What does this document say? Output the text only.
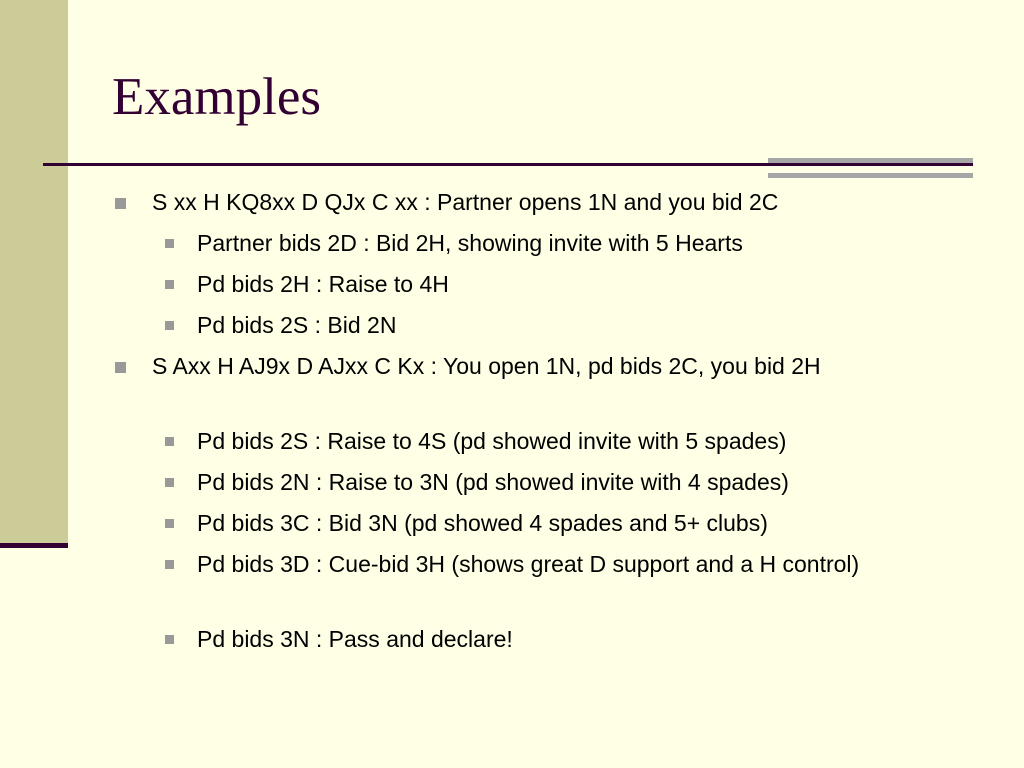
Examples
S xx H KQ8xx D QJx C xx : Partner opens 1N and you bid 2C
Partner bids 2D : Bid 2H, showing invite with 5 Hearts
Pd bids 2H : Raise to 4H
Pd bids 2S : Bid 2N
S Axx H AJ9x D AJxx C Kx : You open 1N, pd bids 2C, you bid 2H
Pd bids 2S : Raise to 4S (pd showed invite with 5 spades)
Pd bids 2N : Raise to 3N (pd showed invite with 4 spades)
Pd bids 3C : Bid 3N (pd showed 4 spades and 5+ clubs)
Pd bids 3D : Cue-bid 3H (shows great D support and a H control)
Pd bids 3N : Pass and declare!
